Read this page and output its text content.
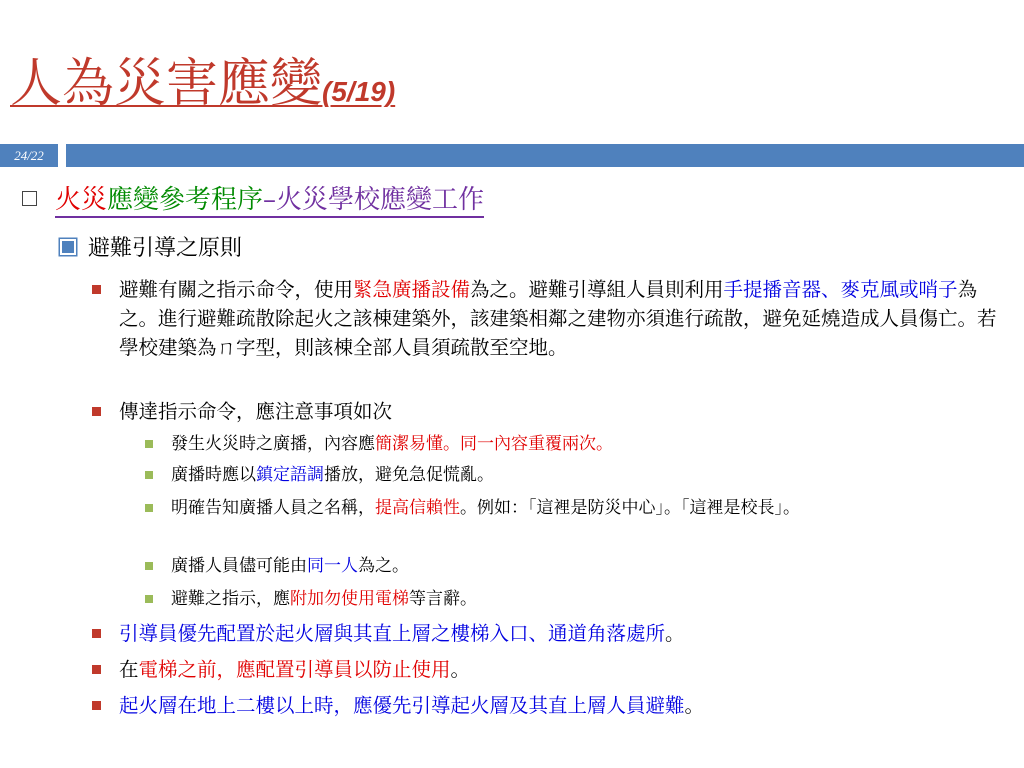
人為災害應變(5/19)
24/22
火災應變參考程序–火災學校應變工作
避難引導之原則
避難有關之指示命令，使用緊急廣播設備為之。避難引導組人員則利用手提播音器、麥克風或哨子為之。進行避難疏散除起火之該棟建築外，該建築相鄰之建物亦須進行疏散，避免延燒造成人員傷亡。若學校建築為ㄇ字型，則該棟全部人員須疏散至空地。
傳達指示命令，應注意事項如次
發生火災時之廣播，內容應簡潔易懂。同一內容重覆兩次。
廣播時應以鎮定語調播放，避免急促慌亂。
明確告知廣播人員之名稱，提高信賴性。例如：「這裡是防災中心」。「這裡是校長」。
廣播人員儘可能由同一人為之。
避難之指示，應附加勿使用電梯等言辭。
引導員優先配置於起火層與其直上層之樓梯入口、通道角落處所。
在電梯之前，應配置引導員以防止使用。
起火層在地上二樓以上時，應優先引導起火層及其直上層人員避難。
